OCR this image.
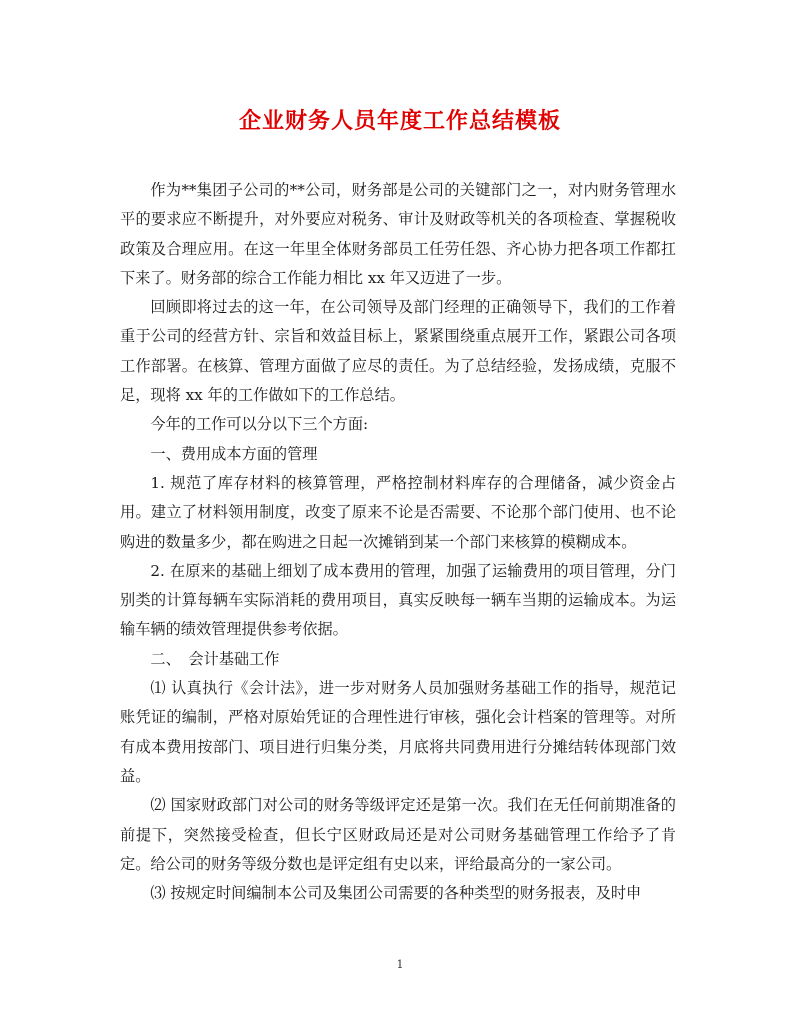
企业财务人员年度工作总结模板

作为**集团子公司的**公司，财务部是公司的关键部门之一，对内财务管理水平的要求应不断提升，对外要应对税务、审计及财政等机关的各项检查、掌握税收政策及合理应用。在这一年里全体财务部员工任劳任怨、齐心协力把各项工作都扛下来了。财务部的综合工作能力相比 xx 年又迈进了一步。

回顾即将过去的这一年，在公司领导及部门经理的正确领导下，我们的工作着重于公司的经营方针、宗旨和效益目标上，紧紧围绕重点展开工作，紧跟公司各项工作部署。在核算、管理方面做了应尽的责任。为了总结经验，发扬成绩，克服不足，现将 xx 年的工作做如下的工作总结。

今年的工作可以分以下三个方面:

一、费用成本方面的管理

1. 规范了库存材料的核算管理，严格控制材料库存的合理储备，减少资金占用。建立了材料领用制度，改变了原来不论是否需要、不论那个部门使用、也不论购进的数量多少，都在购进之日起一次摊销到某一个部门来核算的模糊成本。

2. 在原来的基础上细划了成本费用的管理，加强了运输费用的项目管理，分门别类的计算每辆车实际消耗的费用项目，真实反映每一辆车当期的运输成本。为运输车辆的绩效管理提供参考依据。

二、　会计基础工作

⑴ 认真执行《会计法》，进一步对财务人员加强财务基础工作的指导，规范记账凭证的编制，严格对原始凭证的合理性进行审核，强化会计档案的管理等。对所有成本费用按部门、项目进行归集分类，月底将共同费用进行分摊结转体现部门效益。

⑵ 国家财政部门对公司的财务等级评定还是第一次。我们在无任何前期准备的前提下，突然接受检查，但长宁区财政局还是对公司财务基础管理工作给予了肯定。给公司的财务等级分数也是评定组有史以来，评给最高分的一家公司。

⑶ 按规定时间编制本公司及集团公司需要的各种类型的财务报表，及时申

1
